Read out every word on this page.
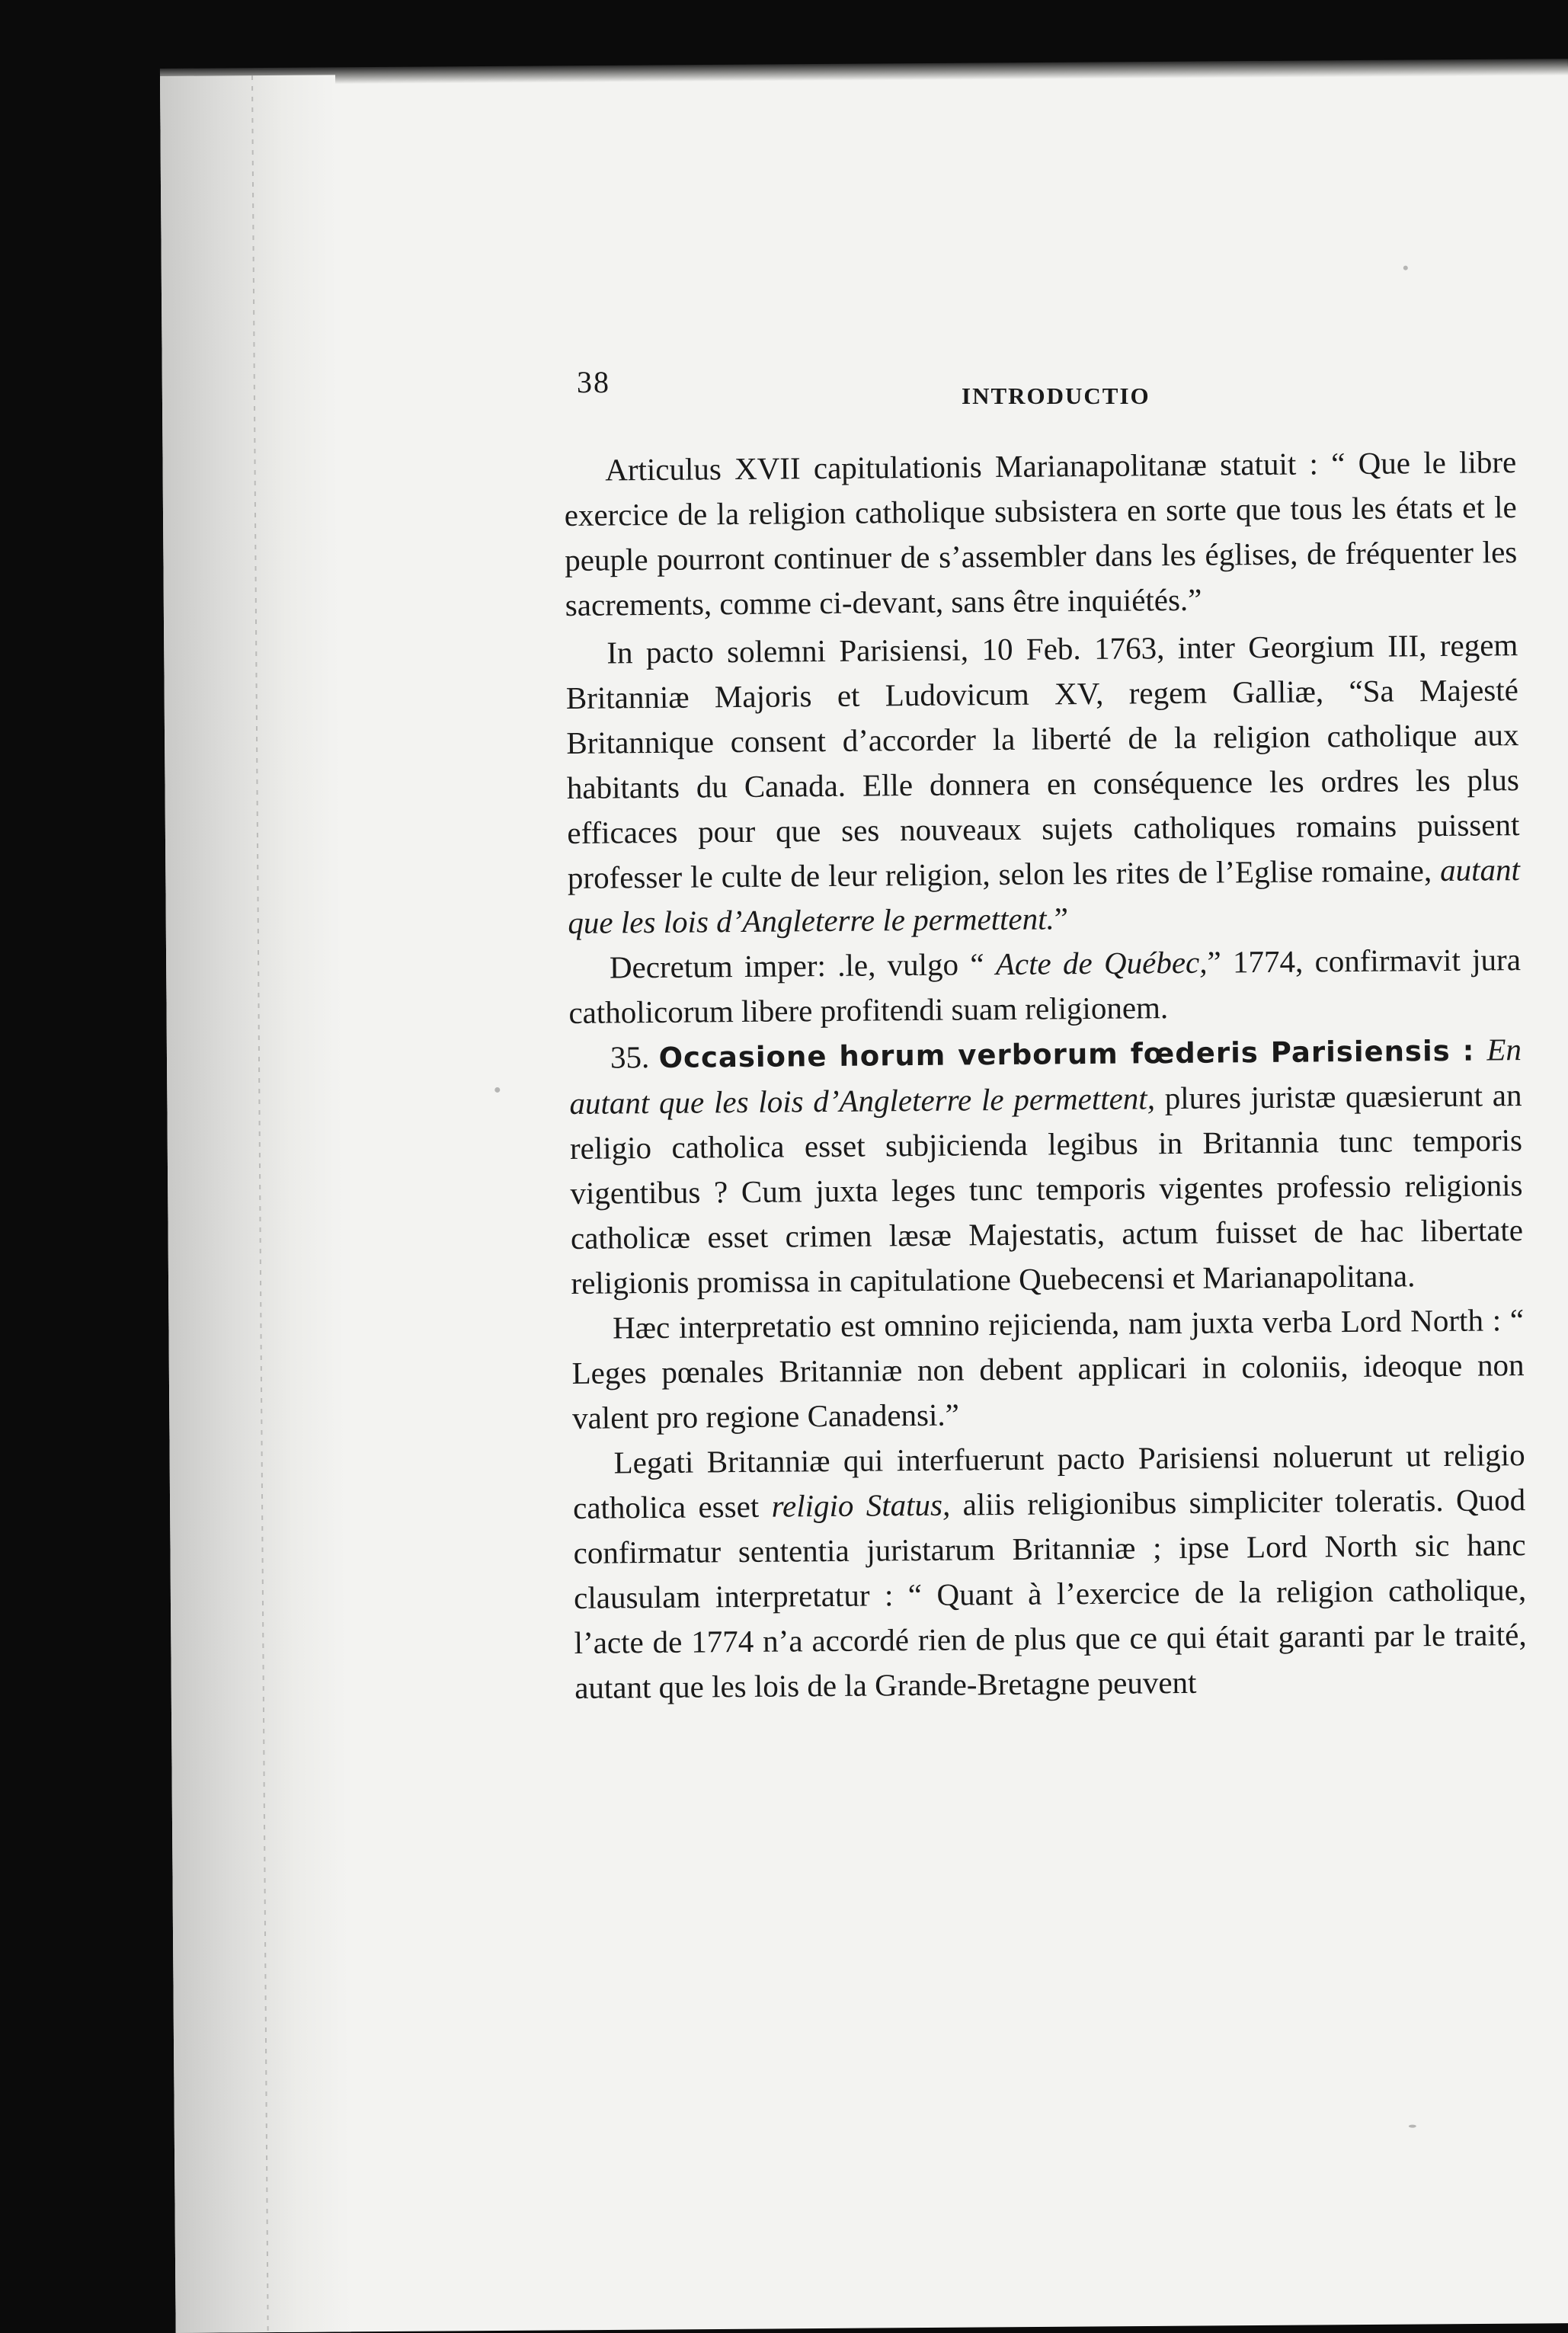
38	INTRODUCTIO

Articulus XVII capitulationis Marianapolitanæ statuit : “ Que le libre exercice de la religion catholique subsistera en sorte que tous les états et le peuple pourront continuer de s’assembler dans les églises, de fréquenter les sacrements, comme ci-devant, sans être inquiétés.”

In pacto solemni Parisiensi, 10 Feb. 1763, inter Georgium III, regem Britanniæ Majoris et Ludovicum XV, regem Galliæ, “Sa Majesté Britannique consent d’accorder la liberté de la religion catholique aux habitants du Canada. Elle donnera en conséquence les ordres les plus efficaces pour que ses nouveaux sujets catholiques romains puissent professer le culte de leur religion, selon les rites de l’Eglise romaine, autant que les lois d’Angleterre le permettent.”

Decretum imper: .le, vulgo “ Acte de Québec,” 1774, confirmavit jura catholicorum libere profitendi suam religionem.

35. Occasione horum verborum fœderis Parisiensis : En autant que les lois d’Angleterre le permettent, plures juristæ quæsierunt an religio catholica esset subjicienda legibus in Britannia tunc temporis vigentibus ? Cum juxta leges tunc temporis vigentes professio religionis catholicæ esset crimen læsæ Majestatis, actum fuisset de hac libertate religionis promissa in capitulatione Quebecensi et Marianapolitana.

Hæc interpretatio est omnino rejicienda, nam juxta verba Lord North : “ Leges pœnales Britanniæ non debent applicari in coloniis, ideoque non valent pro regione Canadensi.”

Legati Britanniæ qui interfuerunt pacto Parisiensi noluerunt ut religio catholica esset religio Status, aliis religionibus simpliciter toleratis. Quod confirmatur sententia juristarum Britanniæ ; ipse Lord North sic hanc clausulam interpretatur : “ Quant à l’exercice de la religion catholique, l’acte de 1774 n’a accordé rien de plus que ce qui était garanti par le traité, autant que les lois de la Grande-Bretagne peuvent
